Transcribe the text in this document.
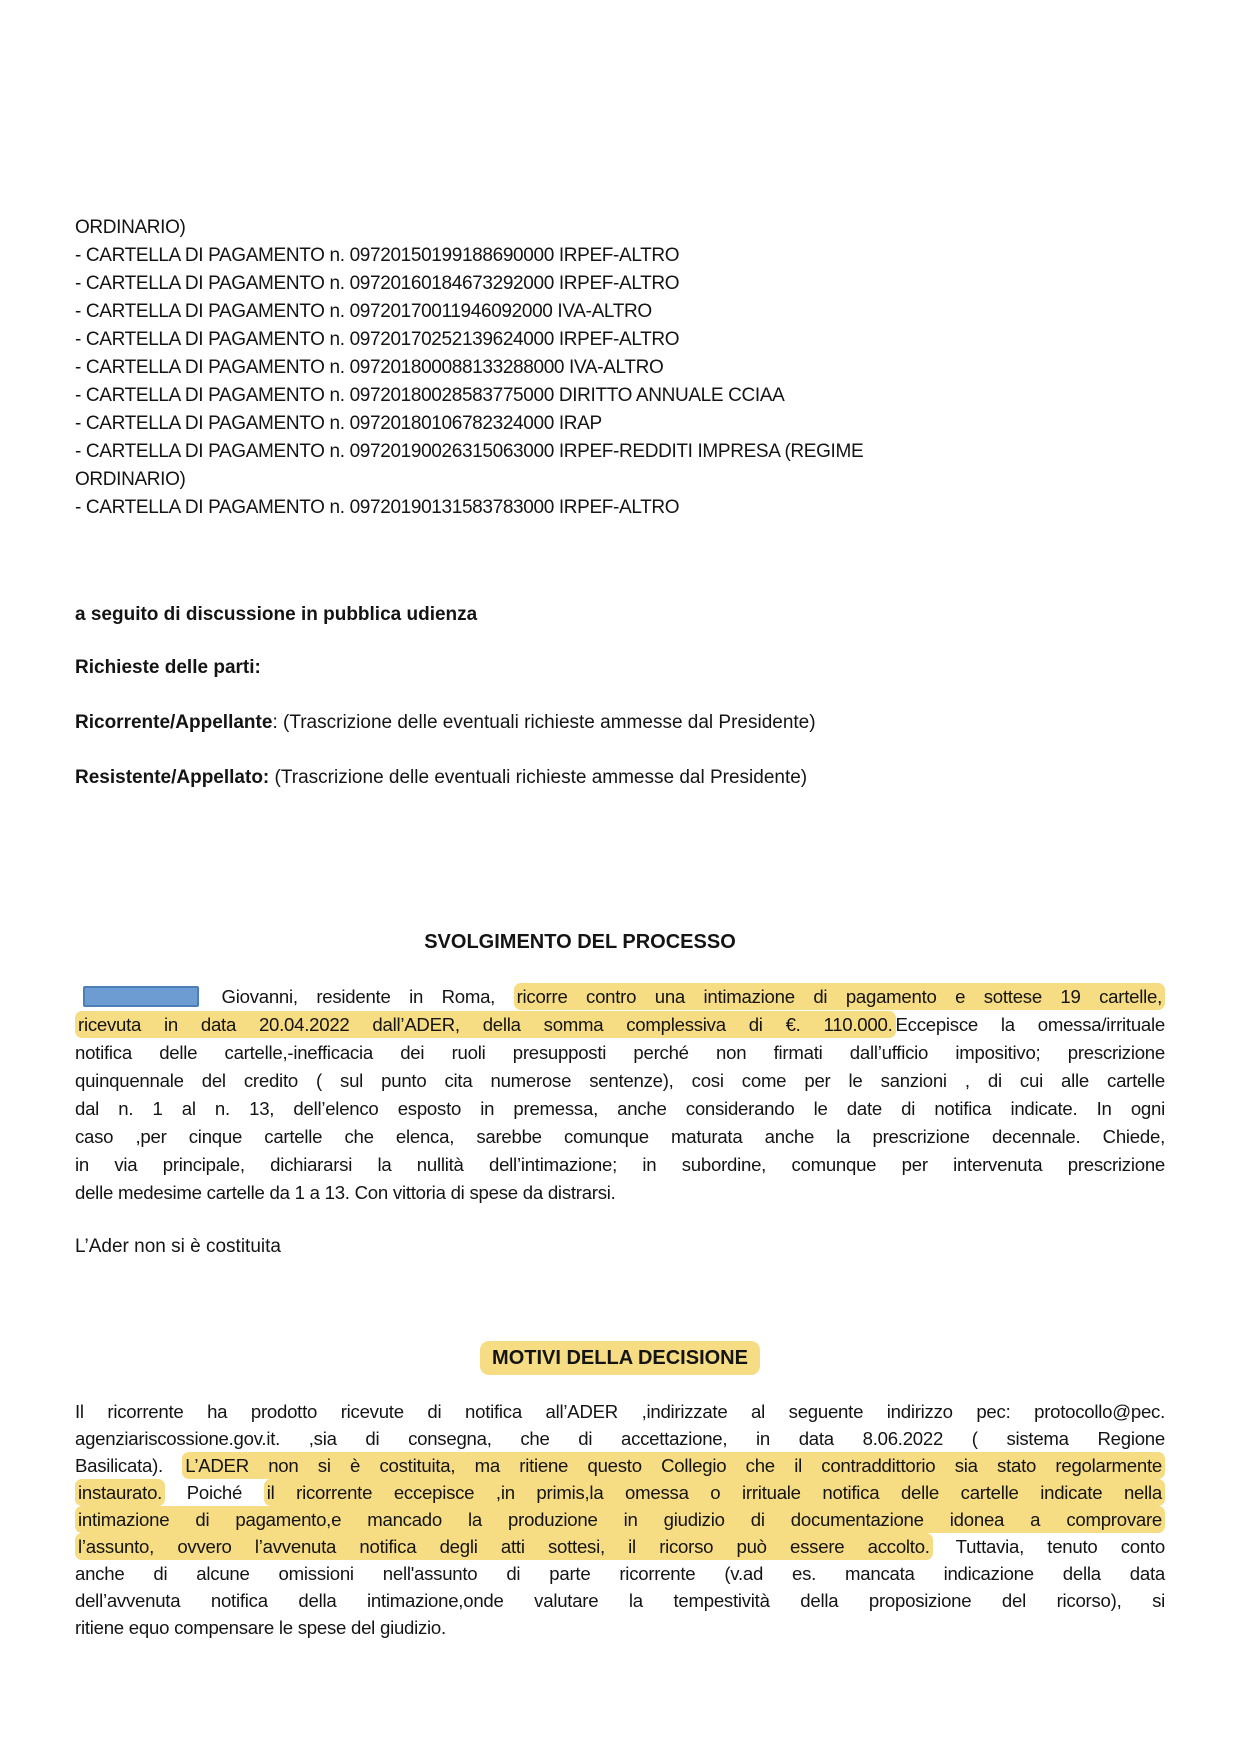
ORDINARIO)
- CARTELLA DI PAGAMENTO n. 09720150199188690000 IRPEF-ALTRO
- CARTELLA DI PAGAMENTO n. 09720160184673292000 IRPEF-ALTRO
- CARTELLA DI PAGAMENTO n. 09720170011946092000 IVA-ALTRO
- CARTELLA DI PAGAMENTO n. 09720170252139624000 IRPEF-ALTRO
- CARTELLA DI PAGAMENTO n. 097201800088133288000 IVA-ALTRO
- CARTELLA DI PAGAMENTO n. 09720180028583775000 DIRITTO ANNUALE CCIAA
- CARTELLA DI PAGAMENTO n. 09720180106782324000 IRAP
- CARTELLA DI PAGAMENTO n. 09720190026315063000 IRPEF-REDDITI IMPRESA (REGIME
ORDINARIO)
- CARTELLA DI PAGAMENTO n. 09720190131583783000 IRPEF-ALTRO
a seguito di discussione in pubblica udienza
Richieste delle parti:
Ricorrente/Appellante: (Trascrizione delle eventuali richieste ammesse dal Presidente)
Resistente/Appellato: (Trascrizione delle eventuali richieste ammesse dal Presidente)
SVOLGIMENTO DEL PROCESSO
Giovanni, residente in Roma, ricorre contro una intimazione di pagamento e sottese 19 cartelle,
ricevuta in data 20.04.2022 dall’ADER, della somma complessiva di €. 110.000. Eccepisce la omessa/irrituale
notifica delle cartelle,-inefficacia dei ruoli presupposti perché non firmati dall’ufficio impositivo; prescrizione
quinquennale del credito ( sul punto cita numerose sentenze), cosi come per le sanzioni , di cui alle cartelle
dal n. 1 al n. 13, dell’elenco esposto in premessa, anche considerando le date di notifica indicate. In ogni
caso ,per cinque cartelle che elenca, sarebbe comunque maturata anche la prescrizione decennale. Chiede,
in via principale, dichiararsi la nullità dell’intimazione; in subordine, comunque per intervenuta prescrizione
delle medesime cartelle da 1 a 13. Con vittoria di spese da distrarsi.
L’Ader non si è costituita
MOTIVI DELLA DECISIONE
Il ricorrente ha prodotto ricevute di notifica all’ADER ,indirizzate al seguente indirizzo pec: protocollo@pec.
agenziariscossione.gov.it. ,sia di consegna, che di accettazione, in data 8.06.2022 ( sistema Regione
Basilicata). L’ADER non si è costituita, ma ritiene questo Collegio che il contraddittorio sia stato regolarmente
instaurato. Poiché il ricorrente eccepisce ,in primis,la omessa o irrituale notifica delle cartelle indicate nella
intimazione di pagamento,e mancado la produzione in giudizio di documentazione idonea a comprovare
l’assunto, ovvero l’avvenuta notifica degli atti sottesi, il ricorso può essere accolto. Tuttavia, tenuto conto
anche di alcune omissioni nell'assunto di parte ricorrente (v.ad es. mancata indicazione della data
dell’avvenuta notifica della intimazione,onde valutare la tempestività della proposizione del ricorso), si
ritiene equo compensare le spese del giudizio.
